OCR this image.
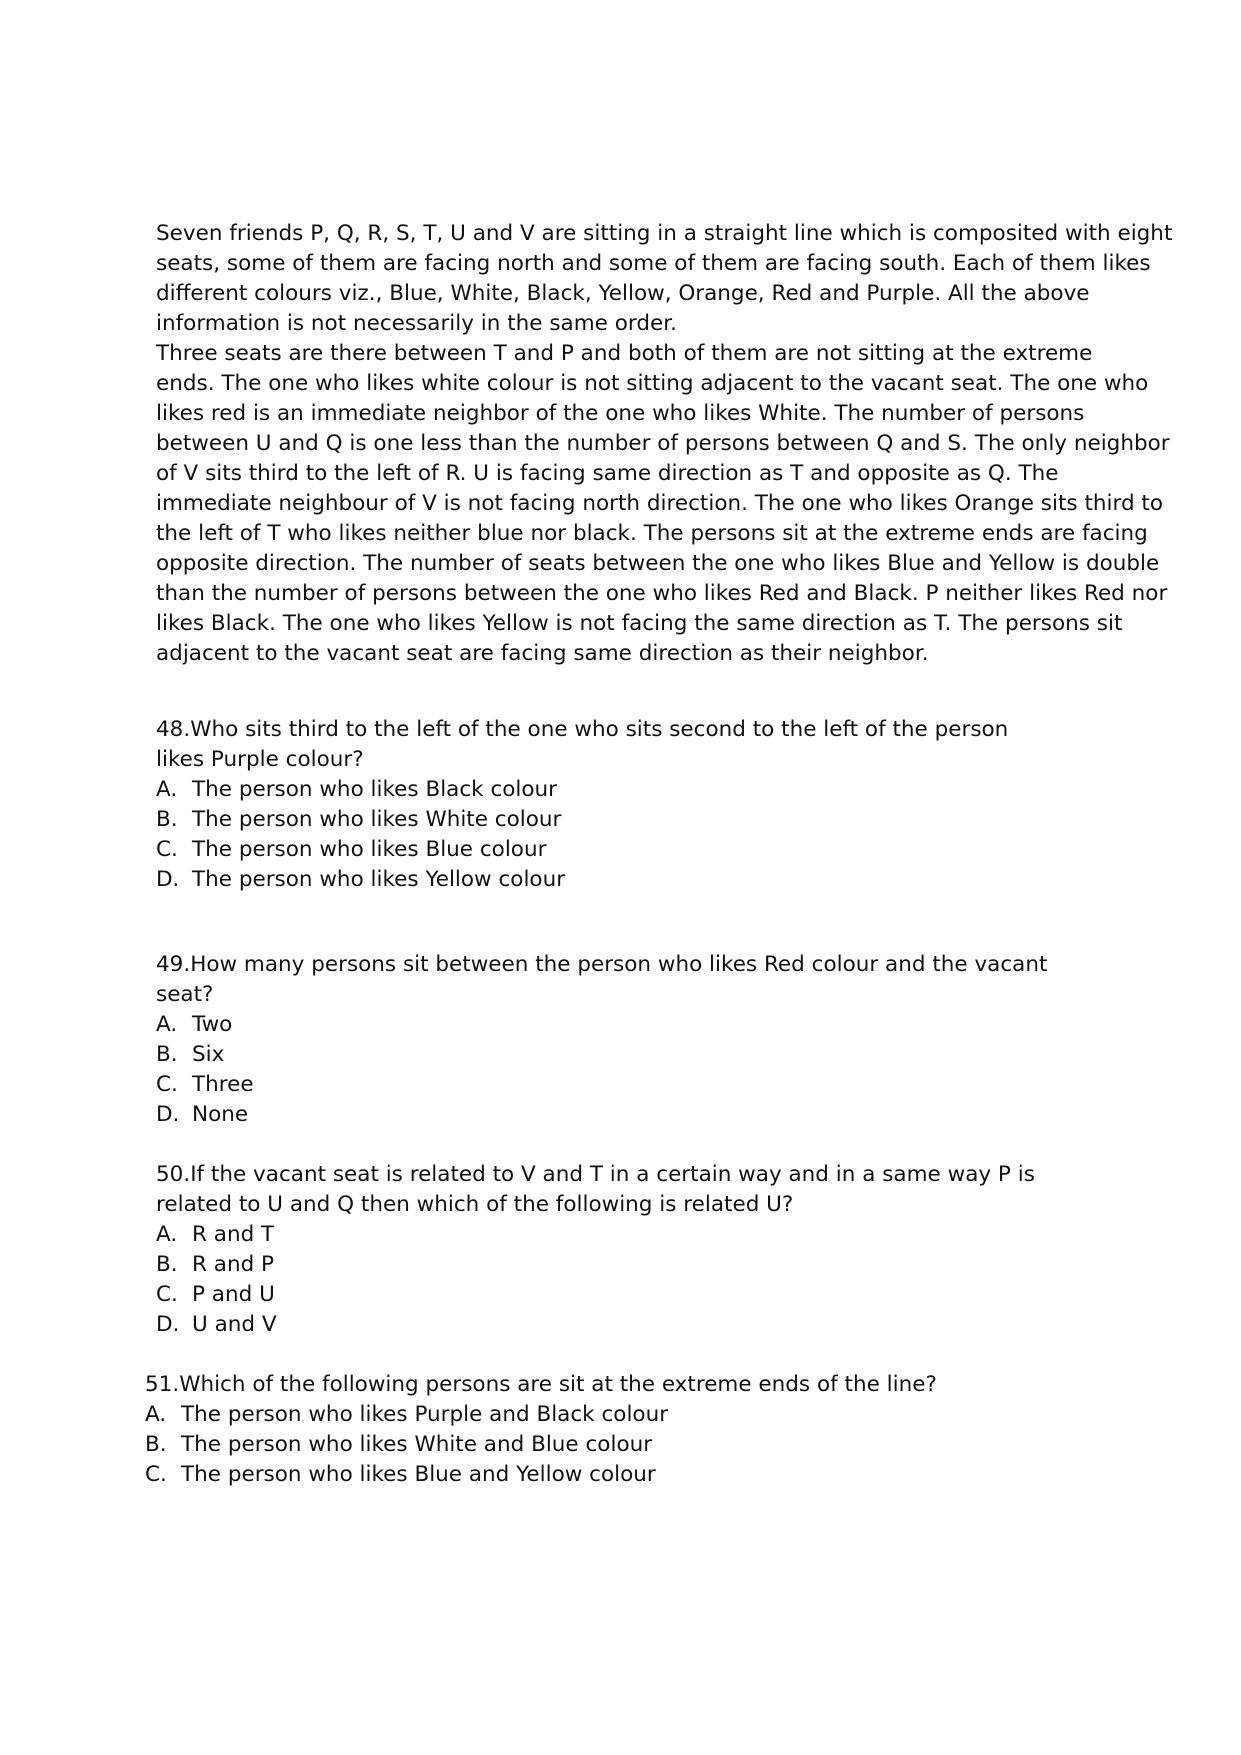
Seven friends P, Q, R, S, T, U and V are sitting in a straight line which is composited with eight
seats, some of them are facing north and some of them are facing south. Each of them likes
different colours viz., Blue, White, Black, Yellow, Orange, Red and Purple. All the above
information is not necessarily in the same order.
Three seats are there between T and P and both of them are not sitting at the extreme
ends. The one who likes white colour is not sitting adjacent to the vacant seat. The one who
likes red is an immediate neighbor of the one who likes White. The number of persons
between U and Q is one less than the number of persons between Q and S. The only neighbor
of V sits third to the left of R. U is facing same direction as T and opposite as Q. The
immediate neighbour of V is not facing north direction. The one who likes Orange sits third to
the left of T who likes neither blue nor black. The persons sit at the extreme ends are facing
opposite direction. The number of seats between the one who likes Blue and Yellow is double
than the number of persons between the one who likes Red and Black. P neither likes Red nor
likes Black. The one who likes Yellow is not facing the same direction as T. The persons sit
adjacent to the vacant seat are facing same direction as their neighbor.
48.Who sits third to the left of the one who sits second to the left of the person
likes Purple colour?
A. The person who likes Black colour
B. The person who likes White colour
C. The person who likes Blue colour
D. The person who likes Yellow colour
49.How many persons sit between the person who likes Red colour and the vacant
seat?
A. Two
B. Six
C. Three
D. None
50.If the vacant seat is related to V and T in a certain way and in a same way P is
related to U and Q then which of the following is related U?
A. R and T
B. R and P
C. P and U
D. U and V
51.Which of the following persons are sit at the extreme ends of the line?
A. The person who likes Purple and Black colour
B. The person who likes White and Blue colour
C. The person who likes Blue and Yellow colour
